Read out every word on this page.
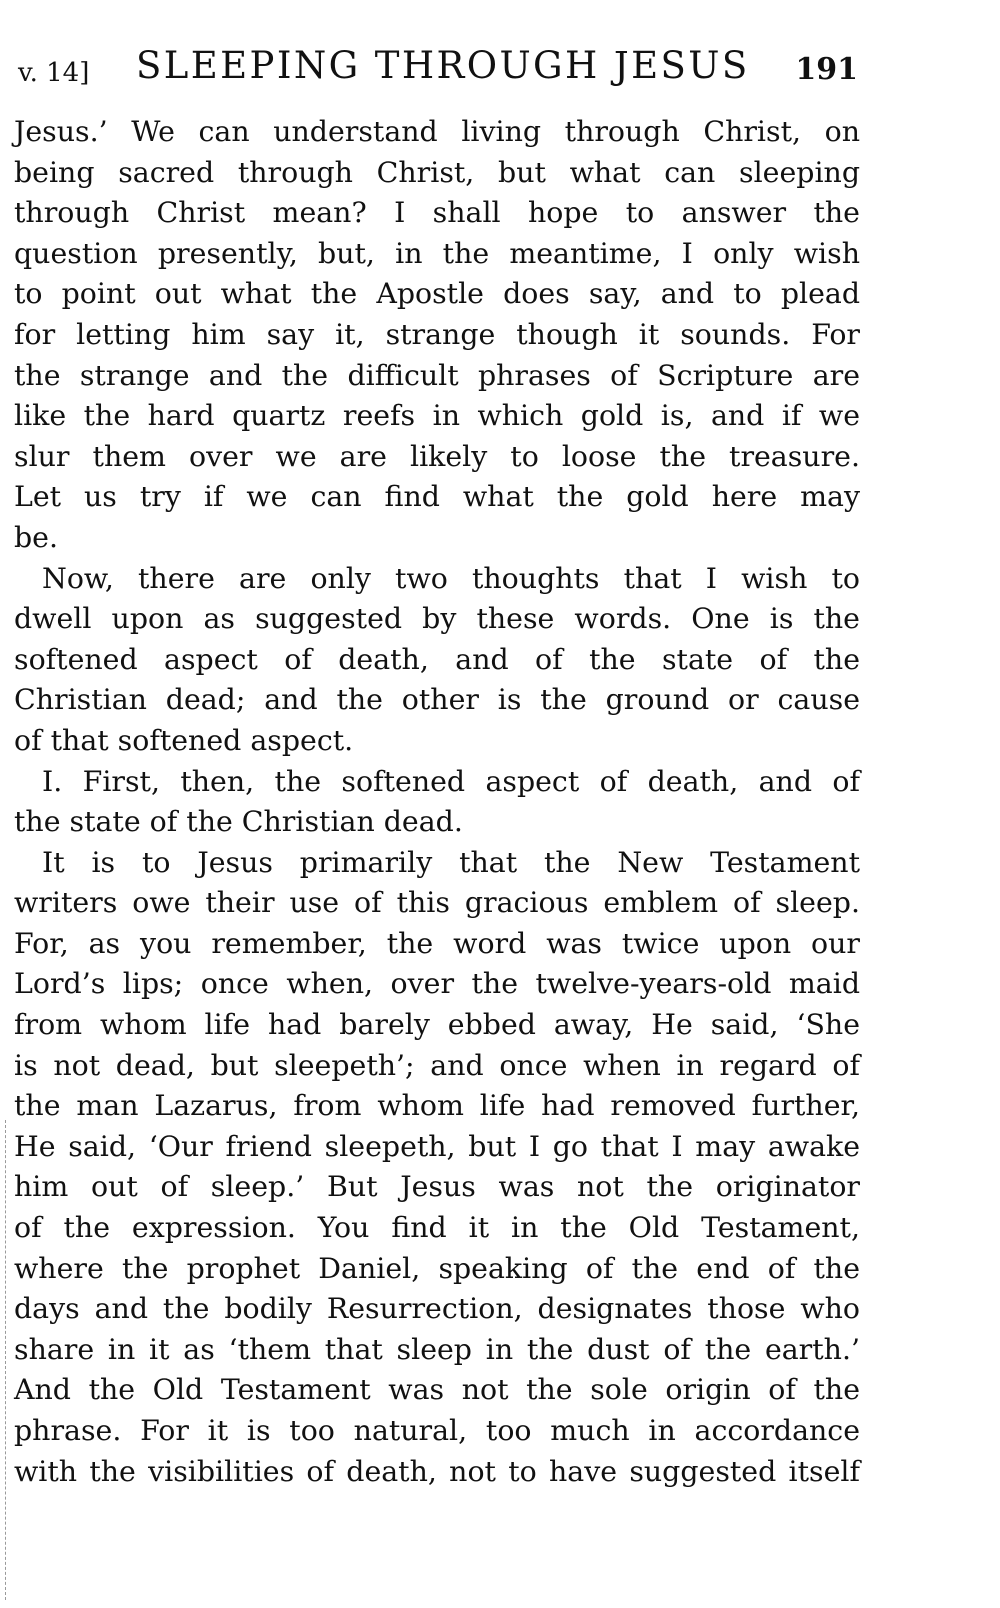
v. 14] SLEEPING THROUGH JESUS 191
Jesus.’ We can understand living through Christ, on
being sacred through Christ, but what can sleeping
through Christ mean? I shall hope to answer the
question presently, but, in the meantime, I only wish
to point out what the Apostle does say, and to plead
for letting him say it, strange though it sounds. For
the strange and the difficult phrases of Scripture are
like the hard quartz reefs in which gold is, and if we
slur them over we are likely to loose the treasure.
Let us try if we can find what the gold here may
be.
Now, there are only two thoughts that I wish to
dwell upon as suggested by these words. One is the
softened aspect of death, and of the state of the
Christian dead; and the other is the ground or cause
of that softened aspect.
I. First, then, the softened aspect of death, and of
the state of the Christian dead.
It is to Jesus primarily that the New Testament
writers owe their use of this gracious emblem of sleep.
For, as you remember, the word was twice upon our
Lord’s lips; once when, over the twelve-years-old maid
from whom life had barely ebbed away, He said, ‘She
is not dead, but sleepeth’; and once when in regard of
the man Lazarus, from whom life had removed further,
He said, ‘Our friend sleepeth, but I go that I may awake
him out of sleep.’ But Jesus was not the originator
of the expression. You find it in the Old Testament,
where the prophet Daniel, speaking of the end of the
days and the bodily Resurrection, designates those who
share in it as ‘them that sleep in the dust of the earth.’
And the Old Testament was not the sole origin of the
phrase. For it is too natural, too much in accordance
with the visibilities of death, not to have suggested itself
